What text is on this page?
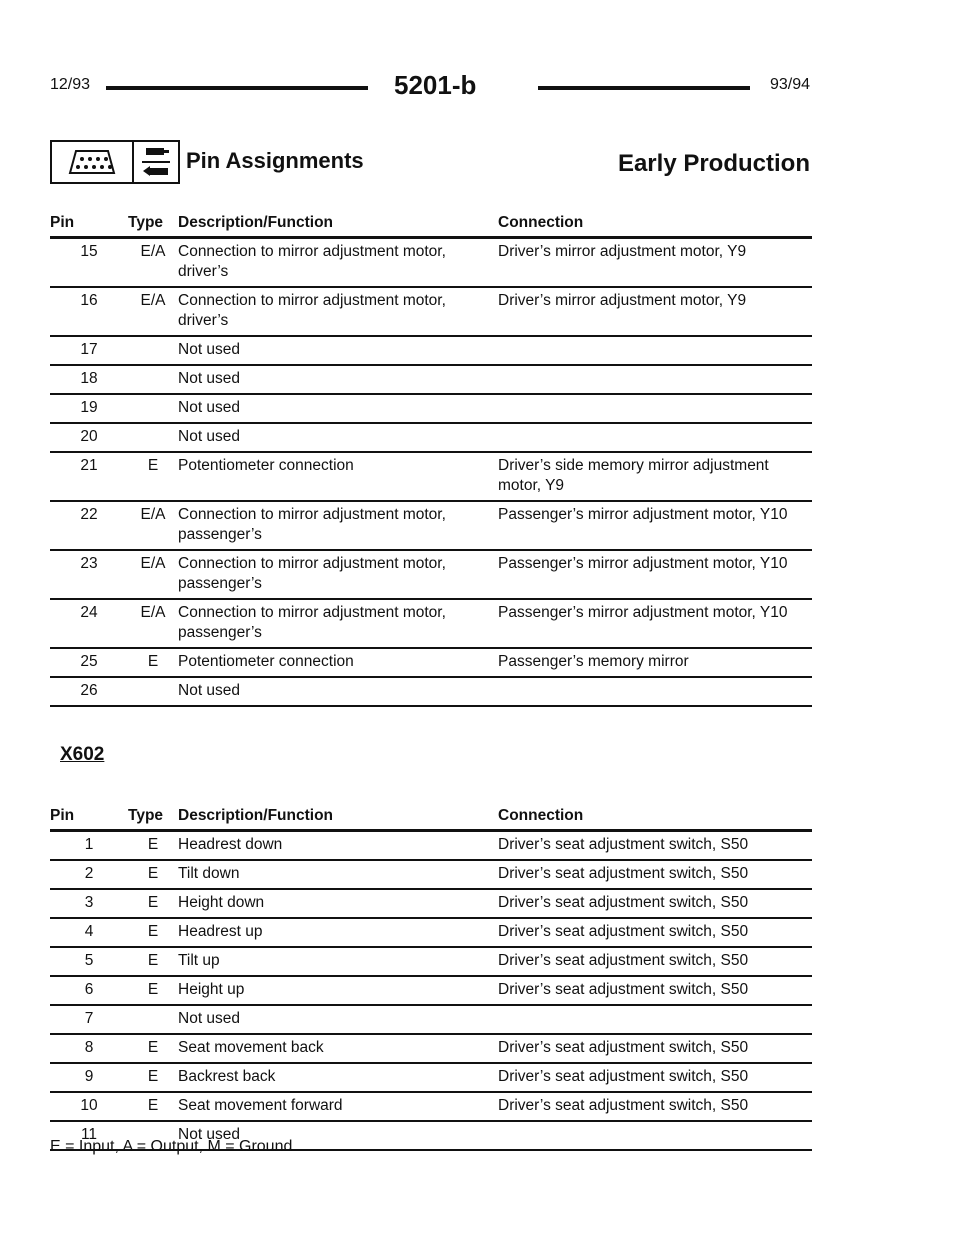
12/93	5201-b	93/94
Pin Assignments	Early Production
Pin	Type	Description/Function	Connection
15	E/A	Connection to mirror adjustment motor, driver’s	Driver’s mirror adjustment motor, Y9
16	E/A	Connection to mirror adjustment motor, driver’s	Driver’s mirror adjustment motor, Y9
17		Not used	
18		Not used	
19		Not used	
20		Not used	
21	E	Potentiometer connection	Driver’s side memory mirror adjustment motor, Y9
22	E/A	Connection to mirror adjustment motor, passenger’s	Passenger’s mirror adjustment motor, Y10
23	E/A	Connection to mirror adjustment motor, passenger’s	Passenger’s mirror adjustment motor, Y10
24	E/A	Connection to mirror adjustment motor, passenger’s	Passenger’s mirror adjustment motor, Y10
25	E	Potentiometer connection	Passenger’s memory mirror
26		Not used	
X602
Pin	Type	Description/Function	Connection
1	E	Headrest down	Driver’s seat adjustment switch, S50
2	E	Tilt down	Driver’s seat adjustment switch, S50
3	E	Height down	Driver’s seat adjustment switch, S50
4	E	Headrest up	Driver’s seat adjustment switch, S50
5	E	Tilt up	Driver’s seat adjustment switch, S50
6	E	Height up	Driver’s seat adjustment switch, S50
7		Not used	
8	E	Seat movement back	Driver’s seat adjustment switch, S50
9	E	Backrest back	Driver’s seat adjustment switch, S50
10	E	Seat movement forward	Driver’s seat adjustment switch, S50
11		Not used	
E = Input, A = Output, M = Ground
